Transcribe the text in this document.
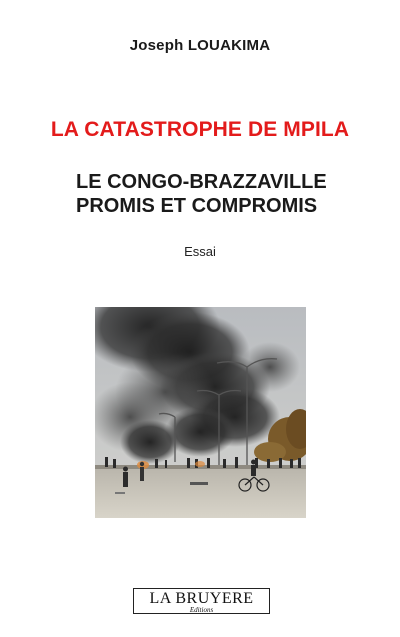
Joseph LOUAKIMA
LA CATASTROPHE DE MPILA
LE CONGO-BRAZZAVILLE
PROMIS ET COMPROMIS
Essai
LA BRUYERE
Editions
